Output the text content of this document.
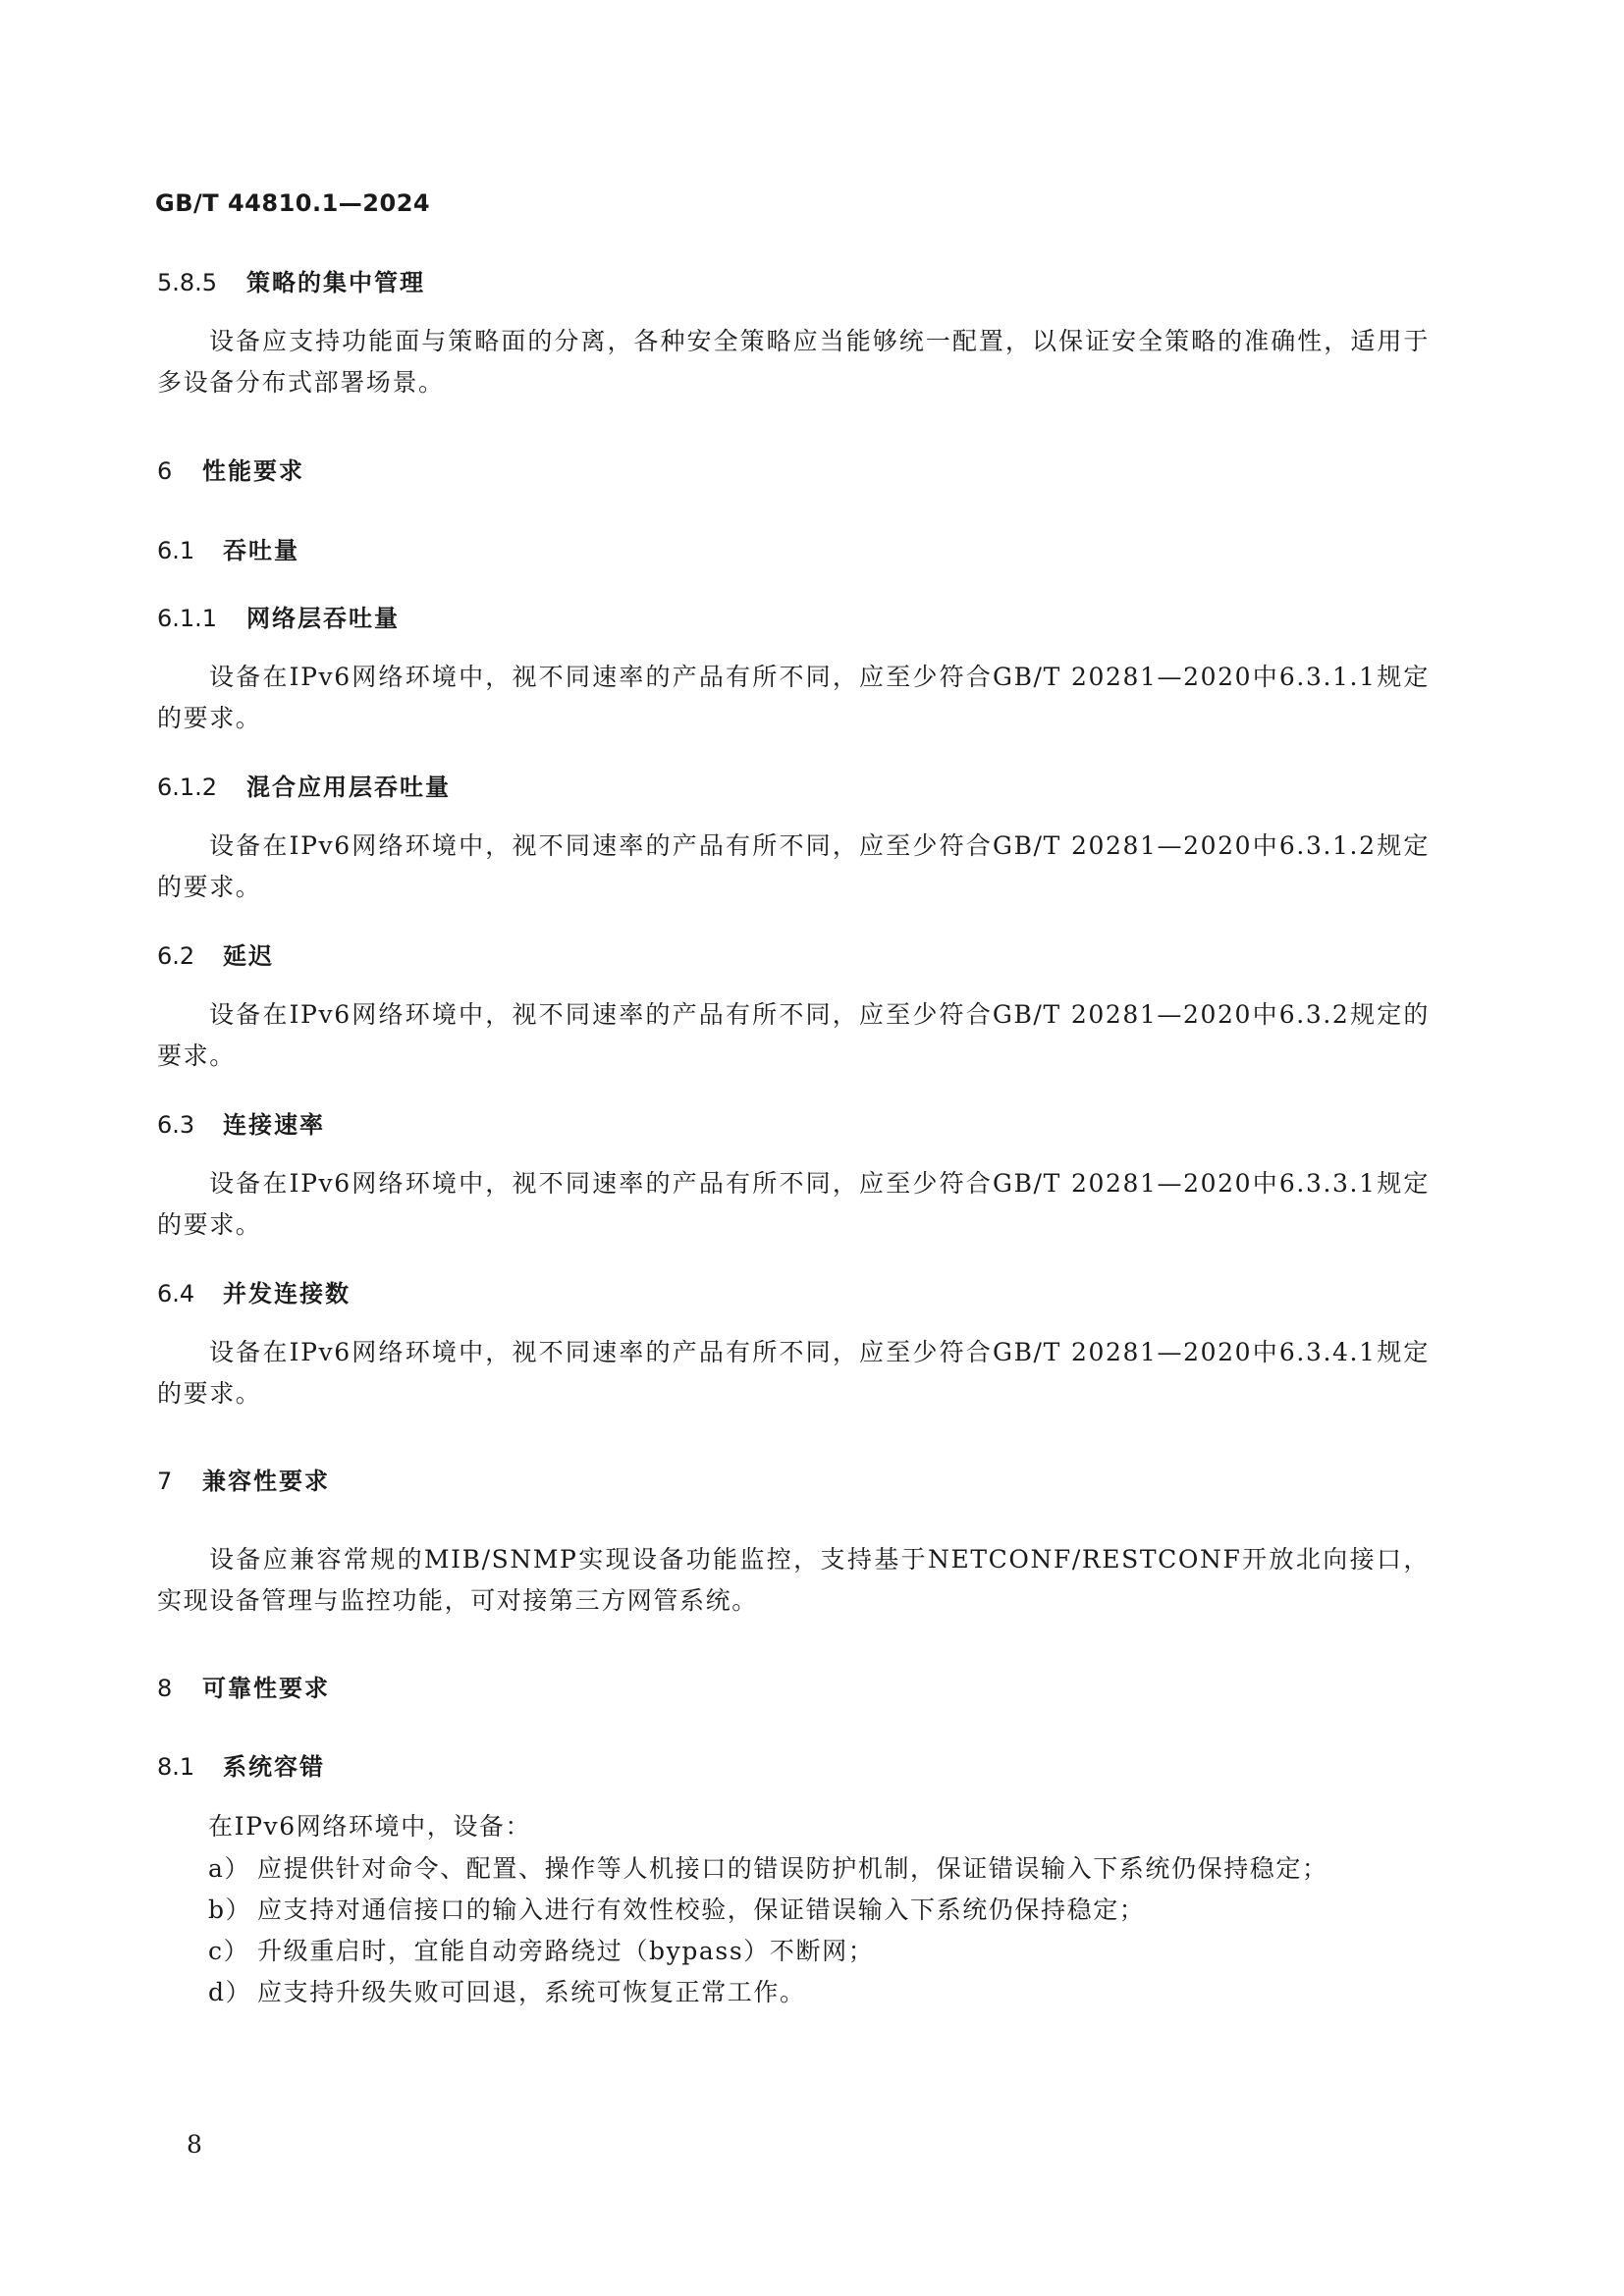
GB/T 44810.1—2024
5.8.5 策略的集中管理
设备应支持功能面与策略面的分离，各种安全策略应当能够统一配置，以保证安全策略的准确性，适用于多设备分布式部署场景。
6 性能要求
6.1 吞吐量
6.1.1 网络层吞吐量
设备在IPv6网络环境中，视不同速率的产品有所不同，应至少符合GB/T 20281—2020中6.3.1.1规定的要求。
6.1.2 混合应用层吞吐量
设备在IPv6网络环境中，视不同速率的产品有所不同，应至少符合GB/T 20281—2020中6.3.1.2规定的要求。
6.2 延迟
设备在IPv6网络环境中，视不同速率的产品有所不同，应至少符合GB/T 20281—2020中6.3.2规定的要求。
6.3 连接速率
设备在IPv6网络环境中，视不同速率的产品有所不同，应至少符合GB/T 20281—2020中6.3.3.1规定的要求。
6.4 并发连接数
设备在IPv6网络环境中，视不同速率的产品有所不同，应至少符合GB/T 20281—2020中6.3.4.1规定的要求。
7 兼容性要求
设备应兼容常规的MIB/SNMP实现设备功能监控，支持基于NETCONF/RESTCONF开放北向接口，实现设备管理与监控功能，可对接第三方网管系统。
8 可靠性要求
8.1 系统容错
在IPv6网络环境中，设备：
a） 应提供针对命令、配置、操作等人机接口的错误防护机制，保证错误输入下系统仍保持稳定；
b） 应支持对通信接口的输入进行有效性校验，保证错误输入下系统仍保持稳定；
c） 升级重启时，宜能自动旁路绕过（bypass）不断网；
d） 应支持升级失败可回退，系统可恢复正常工作。
8
